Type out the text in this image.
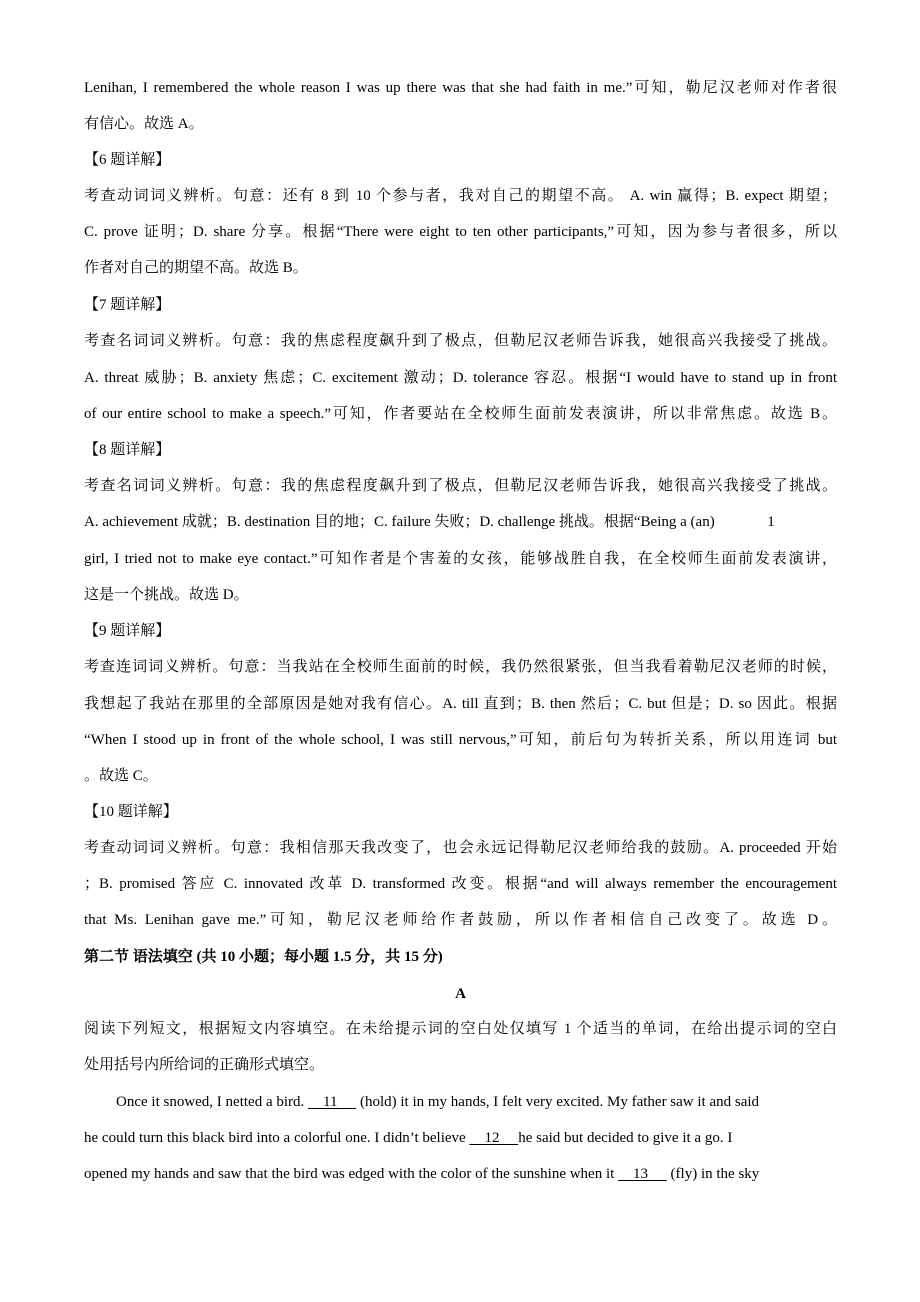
Lenihan, I remembered the whole reason I was up there was that she had faith in me.”可知，勒尼汉老师对作者很
有信心。故选 A。
【6 题详解】
考查动词词义辨析。句意：还有 8 到 10 个参与者，我对自己的期望不高。 A. win 赢得；B. expect 期望；
C. prove 证明；D. share 分享。根据“There were eight to ten other participants,”可知，因为参与者很多，所以
作者对自己的期望不高。故选 B。
【7 题详解】
考查名词词义辨析。句意：我的焦虑程度飙升到了极点，但勒尼汉老师告诉我，她很高兴我接受了挑战。
A. threat 威胁；B. anxiety 焦虑；C. excitement 激动；D. tolerance 容忍。根据“I would have to stand up in front
of our entire school to make a speech.”可知，作者要站在全校师生面前发表演讲，所以非常焦虑。故选 B。
【8 题详解】
考查名词词义辨析。句意：我的焦虑程度飙升到了极点，但勒尼汉老师告诉我，她很高兴我接受了挑战。
A. achievement 成就；B. destination 目的地；C. failure 失败；D. challenge 挑战。根据“Being a (an)              1
girl, I tried not to make eye contact.”可知作者是个害羞的女孩，能够战胜自我，在全校师生面前发表演讲，
这是一个挑战。故选 D。
【9 题详解】
考查连词词义辨析。句意：当我站在全校师生面前的时候，我仍然很紧张，但当我看着勒尼汉老师的时候，
我想起了我站在那里的全部原因是她对我有信心。A. till 直到；B. then 然后；C. but 但是；D. so 因此。根据
“When I stood up in front of the whole school, I was still nervous,”可知，前后句为转折关系，所以用连词 but
。故选 C。
【10 题详解】
考查动词词义辨析。句意：我相信那天我改变了，也会永远记得勒尼汉老师给我的鼓励。A. proceeded 开始
；B. promised 答应 C. innovated 改革 D. transformed 改变。根据“and will always remember the encouragement
that Ms. Lenihan gave me.”可知，勒尼汉老师给作者鼓励，所以作者相信自己改变了。故选 D。
第二节 语法填空 (共 10 小题；每小题 1.5 分，共 15 分)
A
阅读下列短文，根据短文内容填空。在未给提示词的空白处仅填写 1 个适当的单词，在给出提示词的空白
处用括号内所给词的正确形式填空。
Once it snowed, I netted a bird.     11      (hold) it in my hands, I felt very excited. My father saw it and said
he could turn this black bird into a colorful one. I didn’t believe     12     he said but decided to give it a go. I
opened my hands and saw that the bird was edged with the color of the sunshine when it     13      (fly) in the sky
